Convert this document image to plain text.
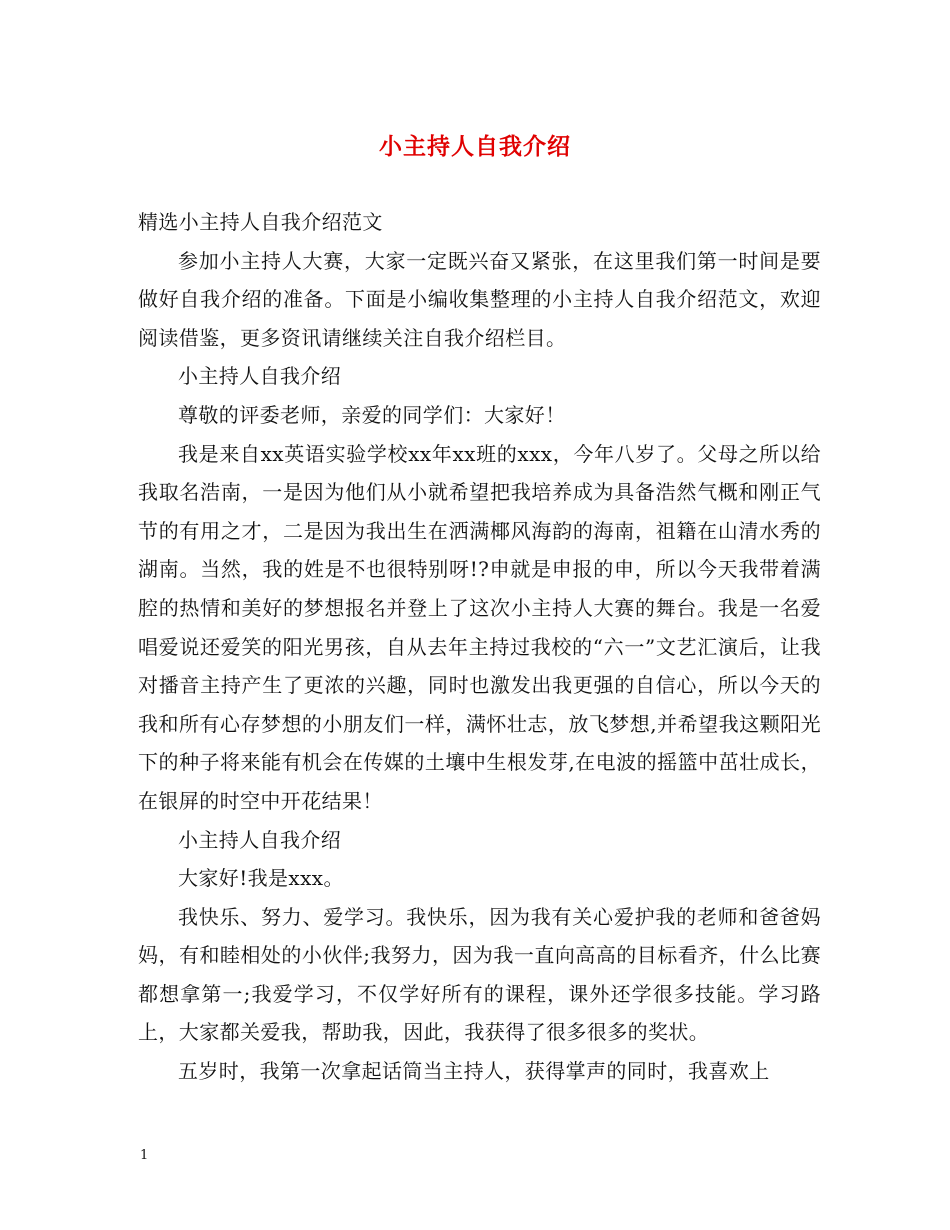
小主持人自我介绍

精选小主持人自我介绍范文

参加小主持人大赛，大家一定既兴奋又紧张，在这里我们第一时间是要做好自我介绍的准备。下面是小编收集整理的小主持人自我介绍范文，欢迎阅读借鉴，更多资讯请继续关注自我介绍栏目。

小主持人自我介绍

尊敬的评委老师，亲爱的同学们：大家好！

我是来自xx英语实验学校xx年xx班的xxx，今年八岁了。父母之所以给我取名浩南，一是因为他们从小就希望把我培养成为具备浩然气概和刚正气节的有用之才，二是因为我出生在洒满椰风海韵的海南，祖籍在山清水秀的湖南。当然，我的姓是不也很特别呀!?申就是申报的申，所以今天我带着满腔的热情和美好的梦想报名并登上了这次小主持人大赛的舞台。我是一名爱唱爱说还爱笑的阳光男孩，自从去年主持过我校的“六一”文艺汇演后，让我对播音主持产生了更浓的兴趣，同时也激发出我更强的自信心，所以今天的我和所有心存梦想的小朋友们一样，满怀壮志，放飞梦想,并希望我这颗阳光下的种子将来能有机会在传媒的土壤中生根发芽,在电波的摇篮中茁壮成长，在银屏的时空中开花结果！

小主持人自我介绍

大家好!我是xxx。

我快乐、努力、爱学习。我快乐，因为我有关心爱护我的老师和爸爸妈妈，有和睦相处的小伙伴;我努力，因为我一直向高高的目标看齐，什么比赛都想拿第一;我爱学习，不仅学好所有的课程，课外还学很多技能。学习路上，大家都关爱我，帮助我，因此，我获得了很多很多的奖状。

五岁时，我第一次拿起话筒当主持人，获得掌声的同时，我喜欢上

1
